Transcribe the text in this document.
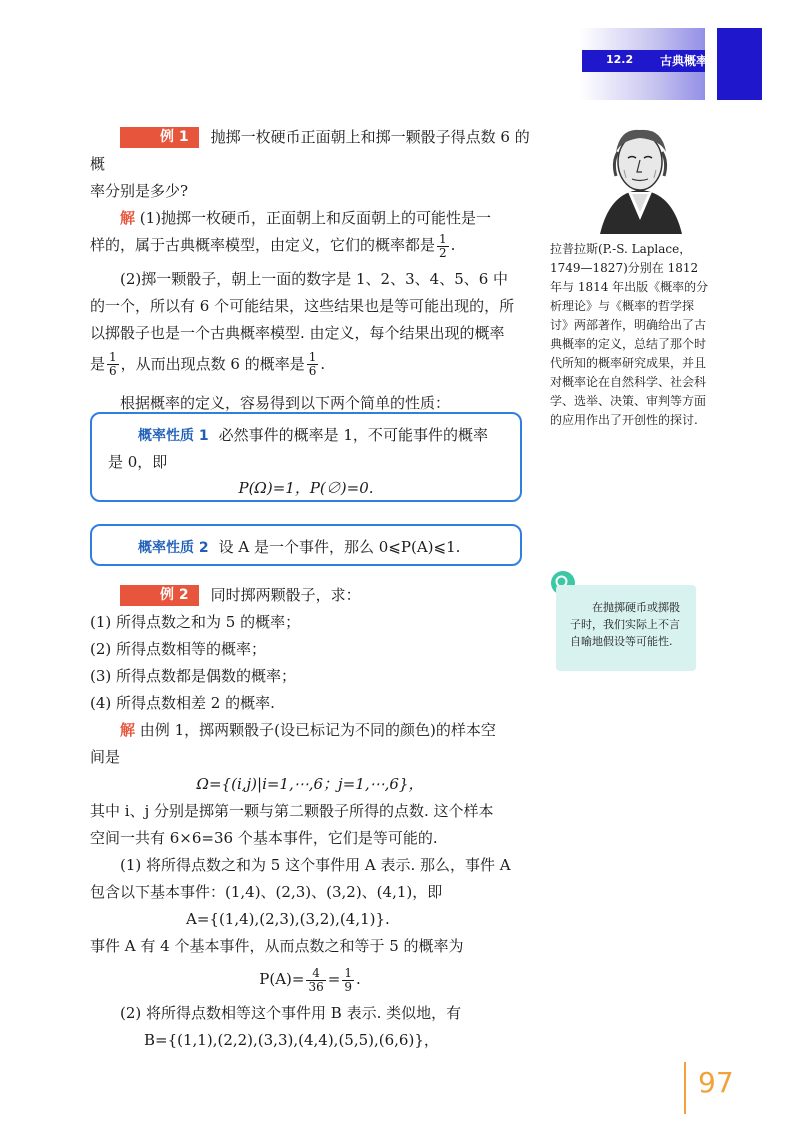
12.2 古典概率

例 1 抛掷一枚硬币正面朝上和掷一颗骰子得点数 6 的概

率分别是多少?

解 (1)抛掷一枚硬币，正面朝上和反面朝上的可能性是一

样的，属于古典概率模型，由定义，它们的概率都是 $\frac{1}{2}$ .

(2)掷一颗骰子，朝上一面的数字是 1、2、3、4、5、6 中

的一个，所以有 6 个可能结果，这些结果也是等可能出现的，所

以掷骰子也是一个古典概率模型. 由定义，每个结果出现的概率

是 $\frac{1}{6}$ ，从而出现点数 6 的概率是 $\frac{1}{6}$ .

根据概率的定义，容易得到以下两个简单的性质：

概率性质 1 必然事件的概率是 1，不可能事件的概率

是 0，即

P(Ω)=1，P(∅)=0.

概率性质 2 设 A 是一个事件，那么 0⩽P(A)⩽1.

例 2 同时掷两颗骰子，求：

(1) 所得点数之和为 5 的概率；

(2) 所得点数相等的概率；

(3) 所得点数都是偶数的概率；

(4) 所得点数相差 2 的概率.

解 由例 1，掷两颗骰子(设已标记为不同的颜色)的样本空

间是

Ω={(i,j)|i=1,⋯,6；j=1,⋯,6}，

其中 i、j 分别是掷第一颗与第二颗骰子所得的点数. 这个样本

空间一共有 6×6=36 个基本事件，它们是等可能的.

(1) 将所得点数之和为 5 这个事件用 A 表示. 那么，事件 A

包含以下基本事件：(1,4)、(2,3)、(3,2)、(4,1)，即

A={(1,4),(2,3),(3,2),(4,1)}.

事件 A 有 4 个基本事件，从而点数之和等于 5 的概率为

$P(A)= \frac{4}{36} = \frac{1}{9}$ .

(2) 将所得点数相等这个事件用 B 表示. 类似地，有

B={(1,1),(2,2),(3,3),(4,4),(5,5),(6,6)}，

拉普拉斯(P.-S. Laplace，1749—1827)分别在 1812 年与 1814 年出版《概率的分析理论》与《概率的哲学探讨》两部著作，明确给出了古典概率的定义，总结了那个时代所知的概率研究成果，并且对概率论在自然科学、社会科学、选举、决策、审判等方面的应用作出了开创性的探讨.

在抛掷硬币或掷骰子时，我们实际上不言自喻地假设等可能性.

97
